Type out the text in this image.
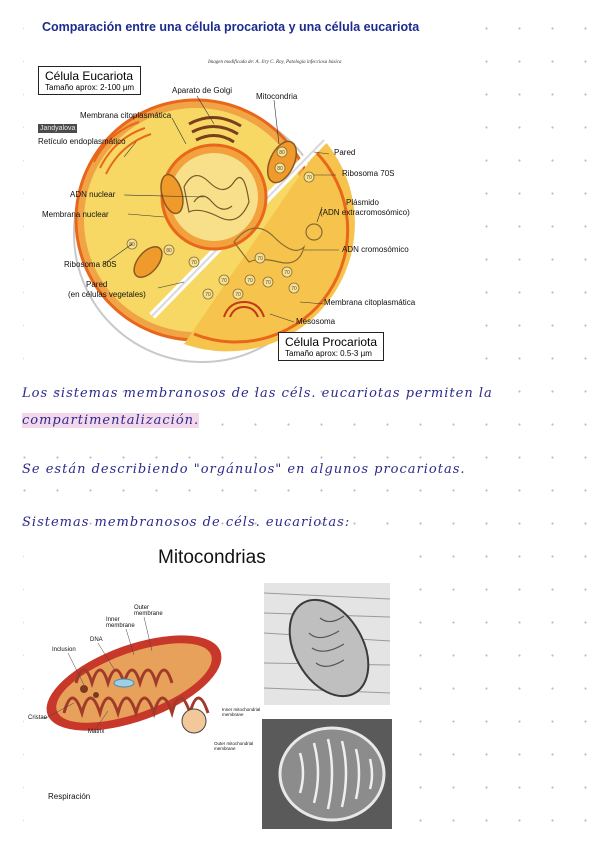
Comparación entre una célula procariota y una célula eucariota
Imagen modificada de: A. Jiry C. Roy, Patología infecciosa básica
80
80
80
80
70
70
70
70
70
70
70
70
70
70
Jandyalova
Célula Eucariota
Tamaño aprox: 2-100 µm
Célula Procariota
Tamaño aprox: 0.5-3 µm
Aparato de Golgi
Mitocondria
Membrana citoplasmática
Retículo endoplasmático
ADN nuclear
Membrana nuclear
Ribosoma 80S
Pared
(en células vegetales)
Pared
Ribosoma 70S
Plásmido
(ADN extracromosómico)
ADN cromosómico
Membrana citoplasmática
Mesosoma
Los sistemas membranosos de las céls. eucariotas permiten la
compartimentalización.
Se están describiendo "orgánulos" en algunos procariotas.
Sistemas membranosos de céls. eucariotas:
Mitocondrias
Outer
membrane
Inner
membrane
DNA
Inclusion
Cristae
Matrix
Inner mitochondrial
membrane
Outer mitochondrial
membrane
Respiración
